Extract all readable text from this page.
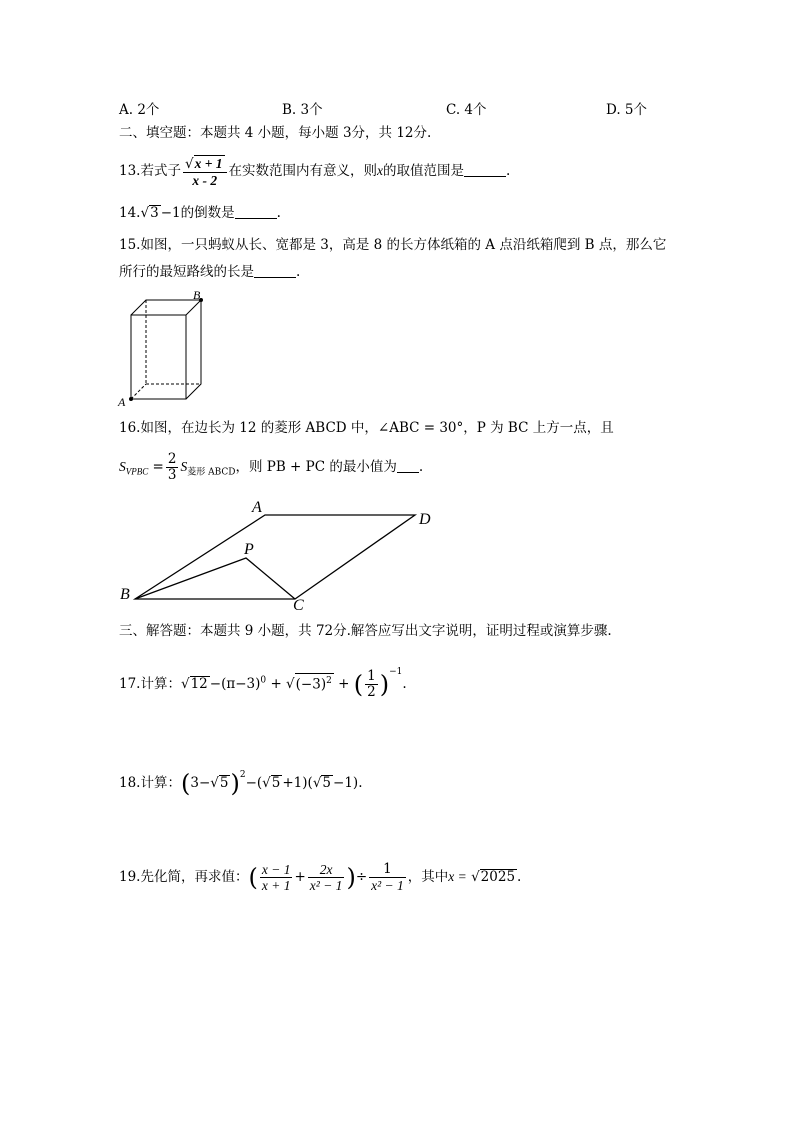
A. 2个	B. 3个	C. 4个	D. 5个
二、填空题：本题共 4 小题，每小题 3分，共 12分.
13.若式子 $\frac{√x + 1}{x - 2}$ 在实数范围内有意义，则x的取值范围是	.
14.√3 −1的倒数是	.
15.如图，一只蚂蚁从长、宽都是 3，高是 8 的长方体纸箱的 A 点沿纸箱爬到 B 点，那么它
所行的最短路线的长是	.
A
B
16.如图，在边长为 12 的菱形 ABCD 中，∠ABC = 30°，P 为 BC 上方一点，且
$S_{VPBC} = \frac{2}{3} S_{菱形 ABCD}$，则 PB + PC 的最小值为 .
A
B
C
D
P
三、解答题：本题共 9 小题，共 72分.解答应写出文字说明，证明过程或演算步骤.
17.计算：$√12 -(\pi-3)^0 + √(-3)^2$ + ( $\frac{1}{2} )^{-1}$.
18.计算：$(3-√5)^2-(√5 +1)(√5 -1)$.
19.先化简，再求值：( $\frac{x - 1}{x + 1} + \frac{2x}{\text{x² − 1}}$ )÷ $\frac{1}{\text{x² − 1}}$ ，其中x = √2025 .
